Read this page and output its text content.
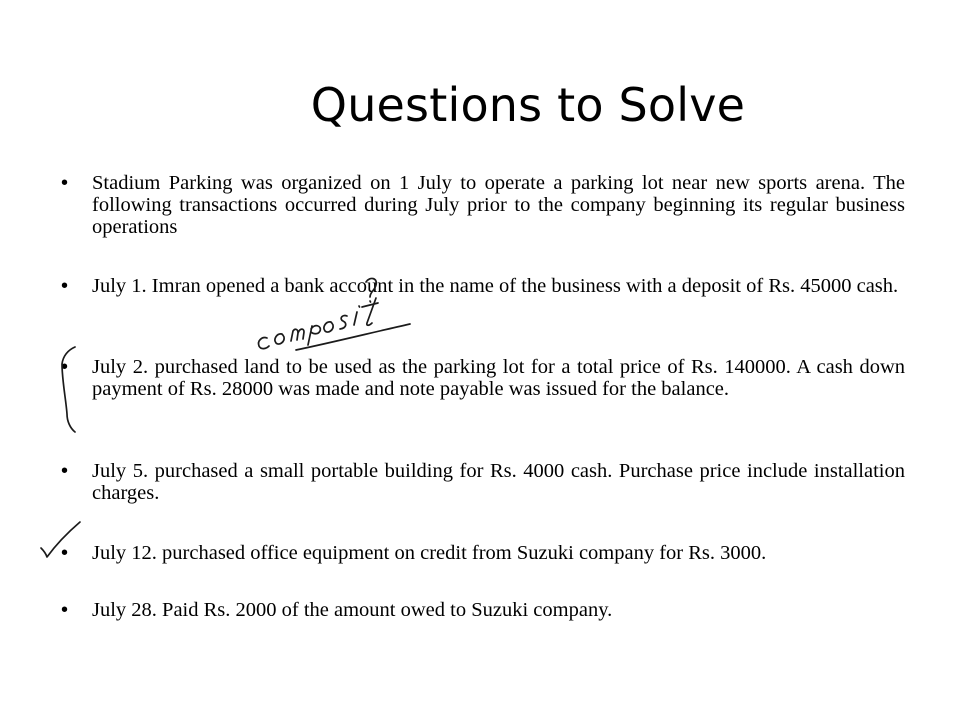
Questions to Solve
• Stadium Parking was organized on 1 July to operate a parking lot near new sports arena. The following transactions occurred during July prior to the company beginning its regular business operations
• July 1. Imran opened a bank account in the name of the business with a deposit of Rs. 45000 cash.
• July 2. purchased land to be used as the parking lot for a total price of Rs. 140000. A cash down payment of Rs. 28000 was made and note payable was issued for the balance.
• July 5. purchased a small portable building for Rs. 4000 cash. Purchase price include installation charges.
• July 12. purchased office equipment on credit from Suzuki company for Rs. 3000.
• July 28. Paid Rs. 2000 of the amount owed to Suzuki company.
